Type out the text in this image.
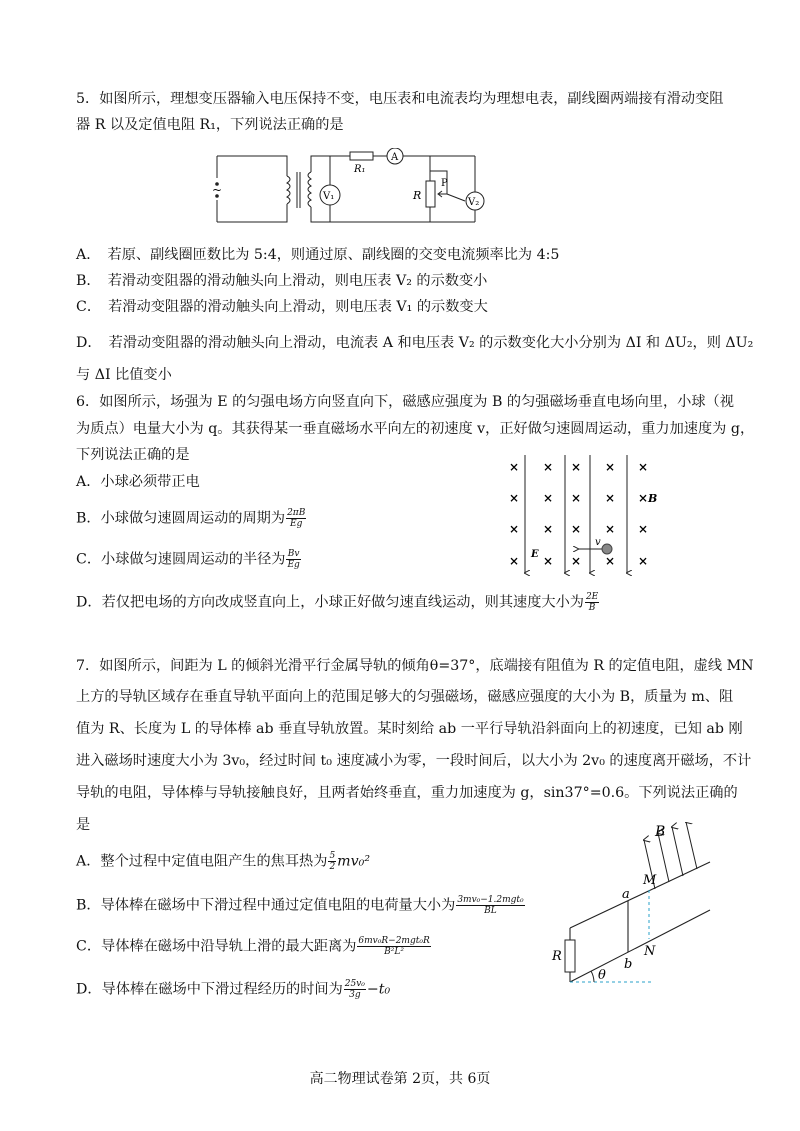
5．如图所示，理想变压器输入电压保持不变，电压表和电流表均为理想电表，副线圈两端接有滑动变阻
器 R 以及定值电阻 R₁，下列说法正确的是
R₁
A
V₁	R
P
V₂
~
A．　若原、副线圈匝数比为 5:4，则通过原、副线圈的交变电流频率比为 4:5
B．　若滑动变阻器的滑动触头向上滑动，则电压表 V₂ 的示数变小
C．　若滑动变阻器的滑动触头向上滑动，则电压表 V₁ 的示数变大
D．　若滑动变阻器的滑动触头向上滑动，电流表 A 和电压表 V₂ 的示数变化大小分别为 ΔI 和 ΔU₂，则 ΔU₂
与 ΔI 比值变小
6．如图所示，场强为 E 的匀强电场方向竖直向下，磁感应强度为 B 的匀强磁场垂直电场向里，小球（视
为质点）电量大小为 q。其获得某一垂直磁场水平向左的初速度 v，正好做匀速圆周运动，重力加速度为 g，
下列说法正确的是
× × × × ×
× × × × ×
× × × × ×
× × × × ×
B
E
v
A．小球必须带正电
B．小球做匀速圆周运动的周期为 $\frac{2\pi B}{Eg}$
C．小球做匀速圆周运动的半径为 $\frac{Bv}{Eg}$
D．若仅把电场的方向改成竖直向上，小球正好做匀速直线运动，则其速度大小为 $\frac{2E}{B}$
7．如图所示，间距为 L 的倾斜光滑平行金属导轨的倾角θ=37°，底端接有阻值为 R 的定值电阻，虚线 MN
上方的导轨区域存在垂直导轨平面向上的范围足够大的匀强磁场，磁感应强度的大小为 B，质量为 m、阻
值为 R、长度为 L 的导体棒 ab 垂直导轨放置。某时刻给 ab 一平行导轨沿斜面向上的初速度，已知 ab 刚
进入磁场时速度大小为 3v₀，经过时间 t₀ 速度减小为零，一段时间后，以大小为 2v₀ 的速度离开磁场，不计
导轨的电阻，导体棒与导轨接触良好，且两者始终垂直，重力加速度为 g，sin37°=0.6。下列说法正确的
是
R
θ
B
M
a
N
b
A．整个过程中定值电阻产生的焦耳热为 $\frac{5}{2} mv_0^2$
B．导体棒在磁场中下滑过程中通过定值电阻的电荷量大小为 $\frac{\text{3mv₀−1.2mgt₀}}{BL}$
C．导体棒在磁场中沿导轨上滑的最大距离为 $\frac{\text{6mv₀R−2mgt₀R}}{\text{B²L²}}$
D．导体棒在磁场中下滑过程经历的时间为 $\frac{\text{25v₀}}{3g} -t_0$
高二物理试卷第 2页，共 6页
